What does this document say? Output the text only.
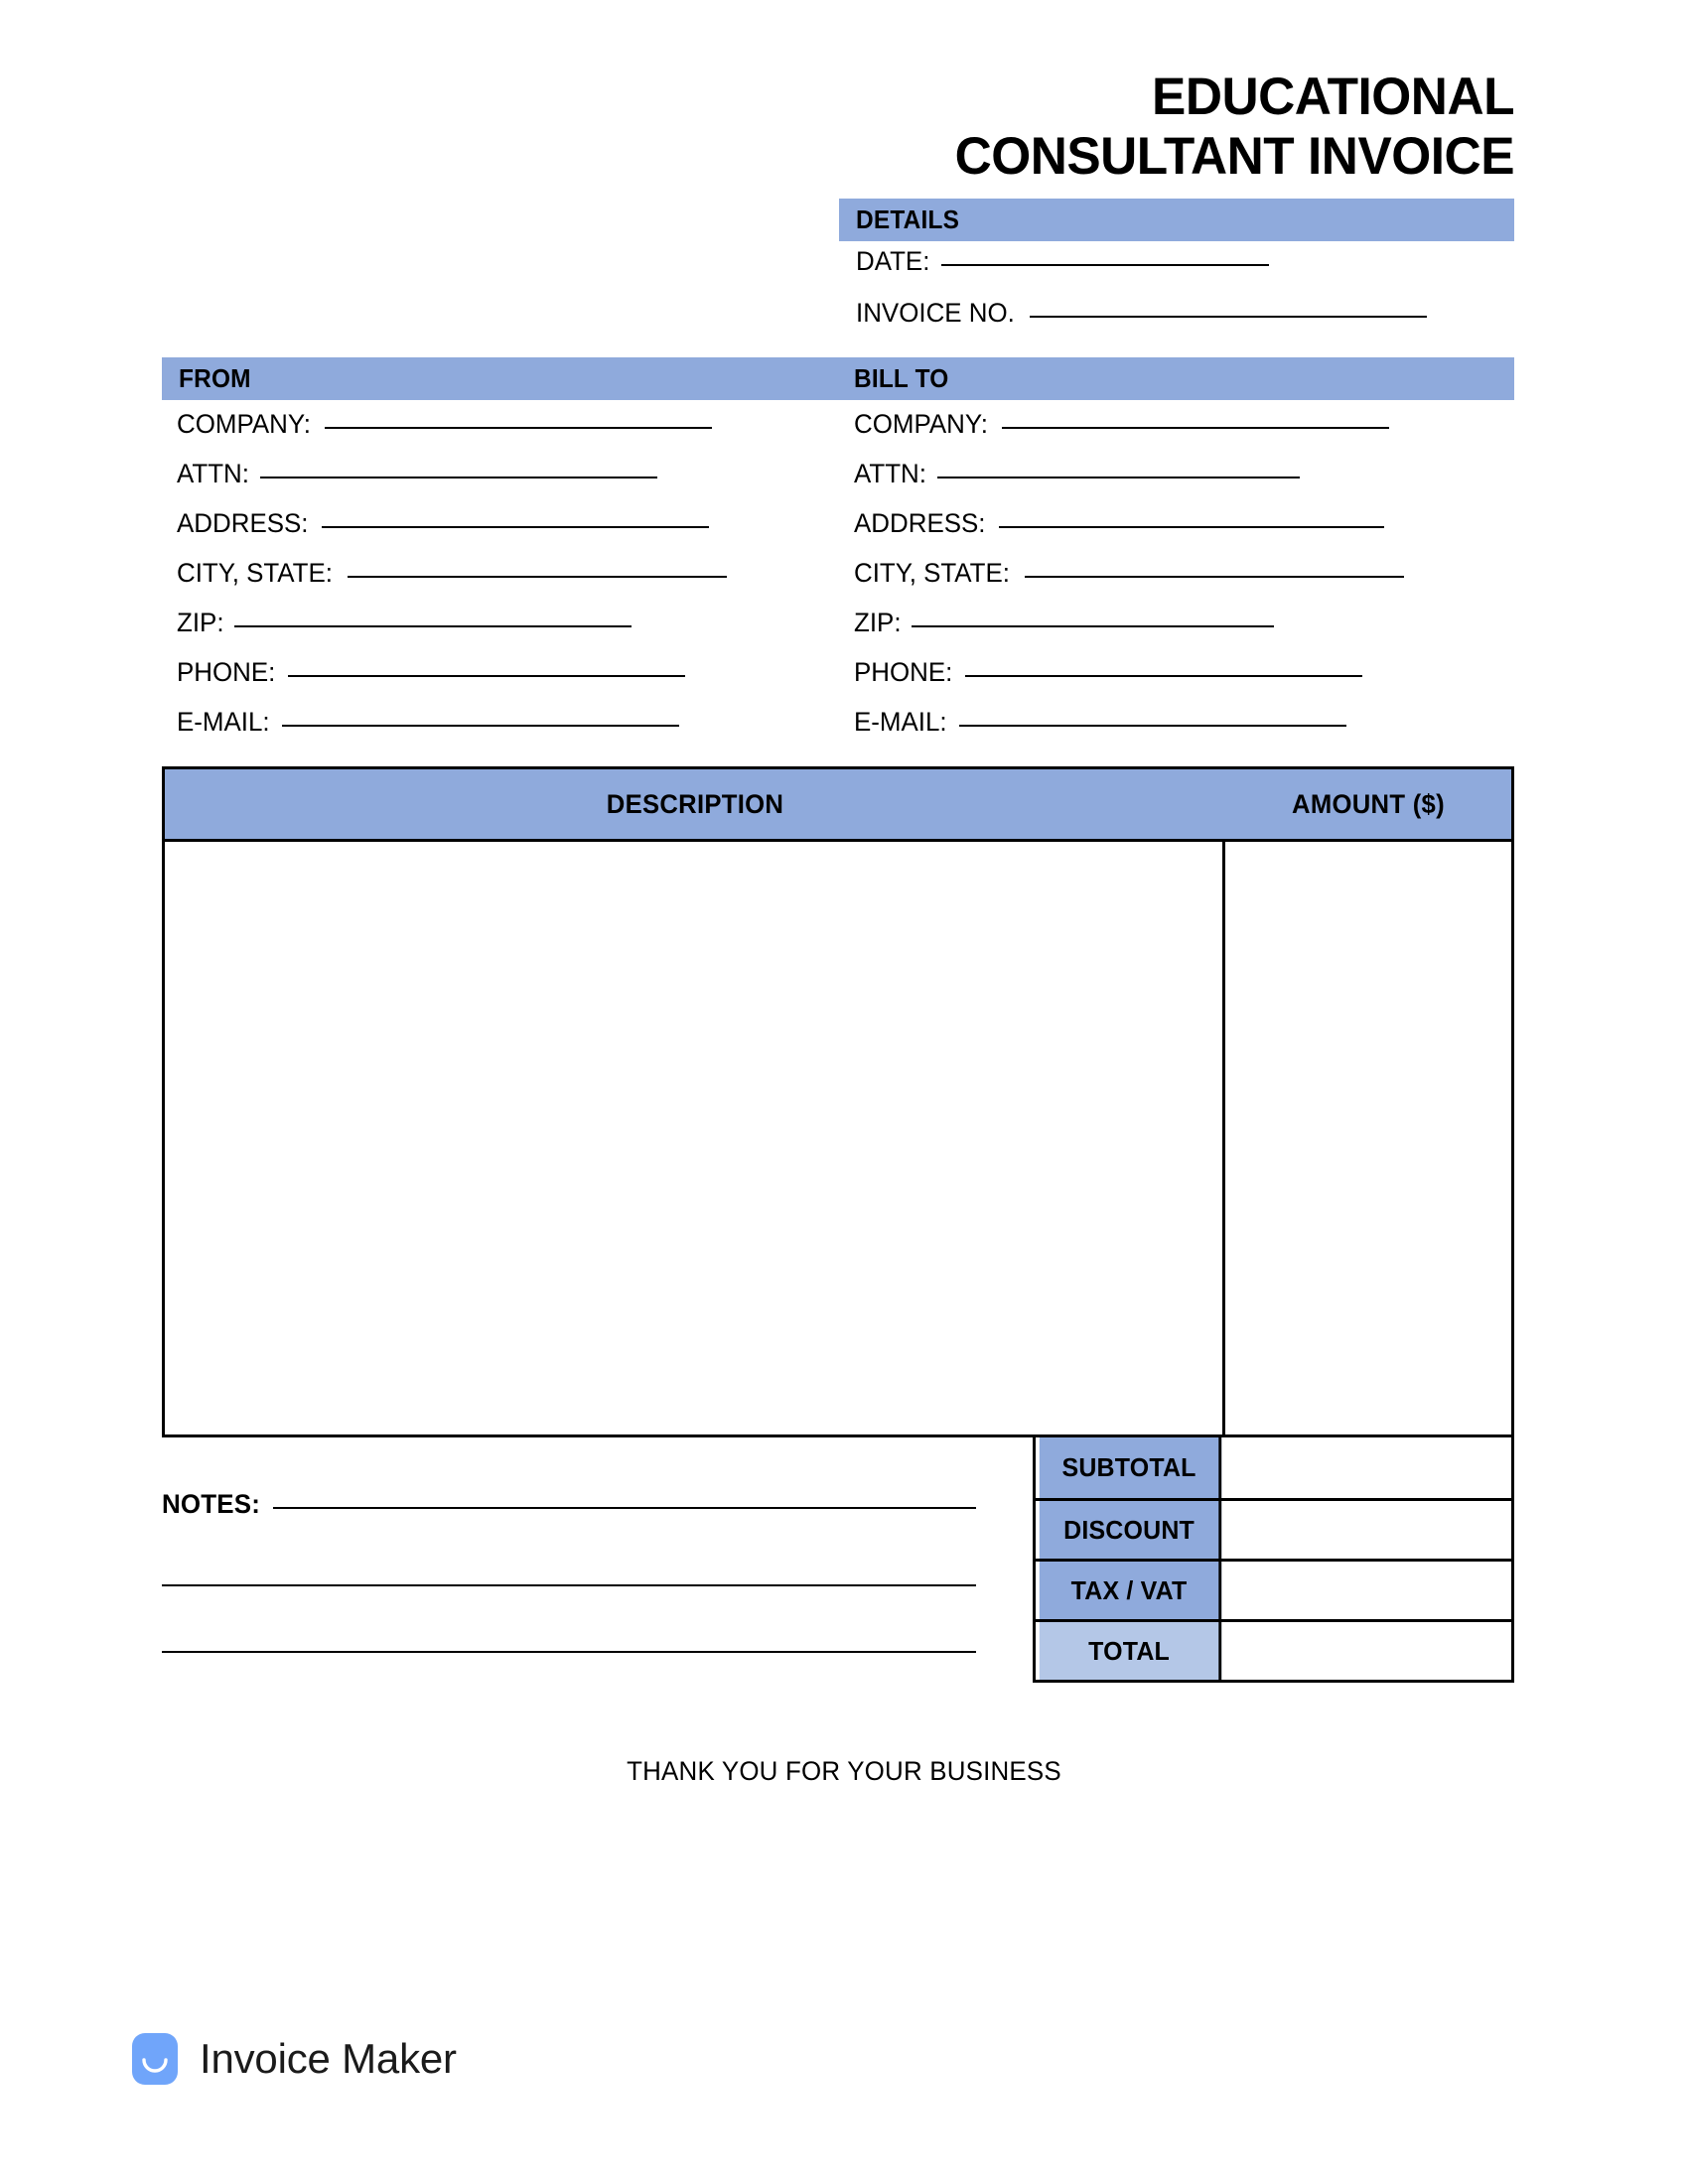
EDUCATIONAL
CONSULTANT INVOICE
DETAILS
DATE:
INVOICE NO.
FROM	BILL TO
COMPANY:
ATTN:
ADDRESS:
CITY, STATE:
ZIP:
PHONE:
E-MAIL:
COMPANY:
ATTN:
ADDRESS:
CITY, STATE:
ZIP:
PHONE:
E-MAIL:
DESCRIPTION	AMOUNT ($)
SUBTOTAL
DISCOUNT
TAX / VAT
TOTAL
NOTES:
THANK YOU FOR YOUR BUSINESS
Invoice Maker
